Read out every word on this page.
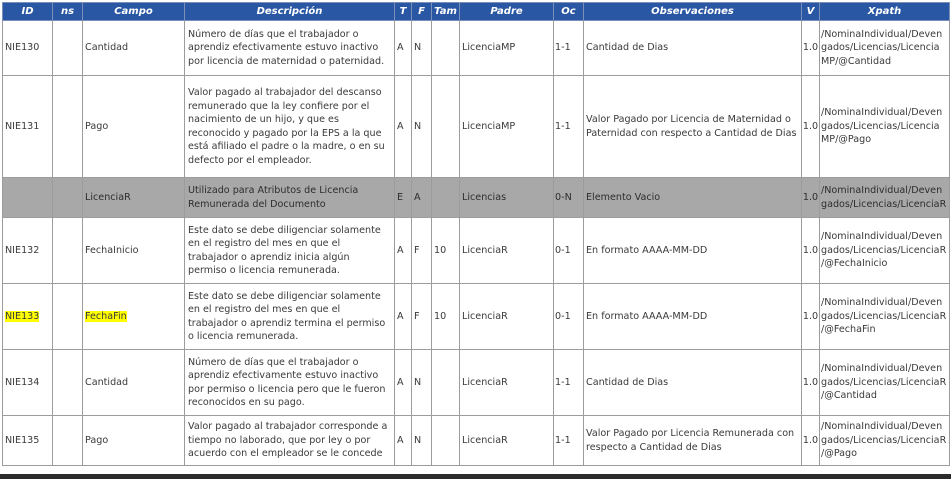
ID	ns	Campo	Descripción	T	F	Tam	Padre	Oc	Observaciones	V	Xpath
NIE130		Cantidad	Número de días que el trabajador o aprendiz efectivamente estuvo inactivo por licencia de maternidad o paternidad.	A	N		LicenciaMP	1-1	Cantidad de Dias	1.0	/NominaIndividual/Deven gados/Licencias/Licencia MP/@Cantidad
NIE131		Pago	Valor pagado al trabajador del descanso remunerado que la ley confiere por el nacimiento de un hijo, y que es reconocido y pagado por la EPS a la que está afiliado el padre o la madre, o en su defecto por el empleador.	A	N		LicenciaMP	1-1	Valor Pagado por Licencia de Maternidad o Paternidad con respecto a Cantidad de Dias	1.0	/NominaIndividual/Deven gados/Licencias/Licencia MP/@Pago
		LicenciaR	Utilizado para Atributos de Licencia Remunerada del Documento	E	A		Licencias	0-N	Elemento Vacio	1.0	/NominaIndividual/Deven gados/Licencias/LicenciaR
NIE132		FechaInicio	Este dato se debe diligenciar solamente en el registro del mes en que el trabajador o aprendiz inicia algún permiso o licencia remunerada.	A	F	10	LicenciaR	0-1	En formato AAAA-MM-DD	1.0	/NominaIndividual/Deven gados/Licencias/LicenciaR /@FechaInicio
NIE133		FechaFin	Este dato se debe diligenciar solamente en el registro del mes en que el trabajador o aprendiz termina el permiso o licencia remunerada.	A	F	10	LicenciaR	0-1	En formato AAAA-MM-DD	1.0	/NominaIndividual/Deven gados/Licencias/LicenciaR /@FechaFin
NIE134		Cantidad	Número de días que el trabajador o aprendiz efectivamente estuvo inactivo por permiso o licencia pero que le fueron reconocidos en su pago.	A	N		LicenciaR	1-1	Cantidad de Dias	1.0	/NominaIndividual/Deven gados/Licencias/LicenciaR /@Cantidad
NIE135		Pago	Valor pagado al trabajador corresponde a tiempo no laborado, que por ley o por acuerdo con el empleador se le concede	A	N		LicenciaR	1-1	Valor Pagado por Licencia Remunerada con respecto a Cantidad de Dias	1.0	/NominaIndividual/Deven gados/Licencias/LicenciaR /@Pago
